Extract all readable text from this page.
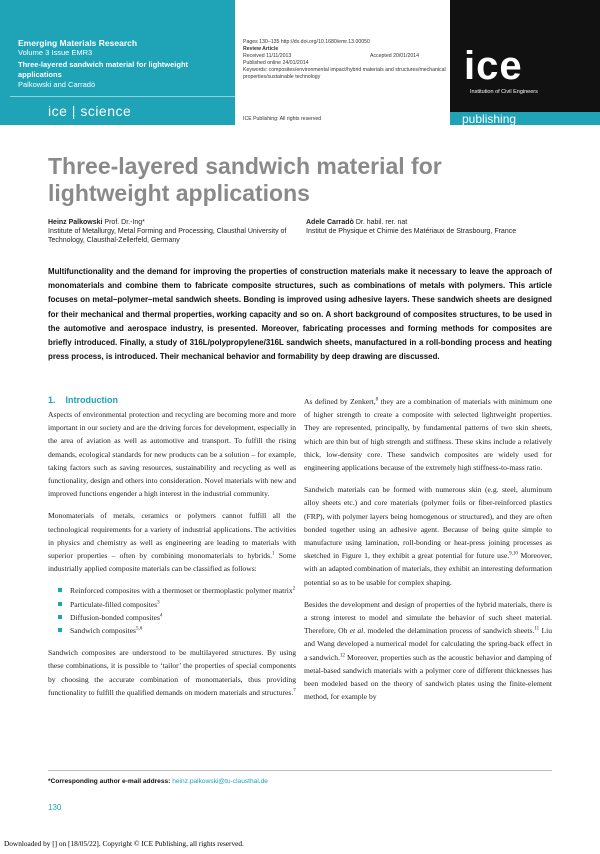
Emerging Materials Research
Volume 3 Issue EMR3
Three-layered sandwich material for lightweight applications
Palkowski and Carradò
ice | science
Pages 130–135 http://dx.doi.org/10.1680/emr.13.00050
Review Article
Received 11/11/2013	Accepted 20/01/2014
Published online 24/01/2014
Keywords: composites/environmental impact/hybrid materials and structures/mechanical properties/sustainable technology
ICE Publishing: All rights reserved
ice
Institution of Civil Engineers
publishing
Three-layered sandwich material for lightweight applications
Heinz Palkowski Prof. Dr.-Ing*
Institute of Metallurgy, Metal Forming and Processing, Clausthal University of Technology, Clausthal-Zellerfeld, Germany
Adele Carradò Dr. habil. rer. nat
Institut de Physique et Chimie des Matériaux de Strasbourg, France
Multifunctionality and the demand for improving the properties of construction materials make it necessary to leave the approach of monomaterials and combine them to fabricate composite structures, such as combinations of metals with polymers. This article focuses on metal–polymer–metal sandwich sheets. Bonding is improved using adhesive layers. These sandwich sheets are designed for their mechanical and thermal properties, working capacity and so on. A short background of composites structures, to be used in the automotive and aerospace industry, is presented. Moreover, fabricating processes and forming methods for composites are briefly introduced. Finally, a study of 316L/polypropylene/316L sandwich sheets, manufactured in a roll-bonding process and heating press process, is introduced. Their mechanical behavior and formability by deep drawing are discussed.
1. Introduction

Aspects of environmental protection and recycling are becoming more and more important in our society and are the driving forces for development, especially in the area of aviation as well as automotive and transport. To fulfill the rising demands, ecological standards for new products can be a solution – for example, taking factors such as saving resources, sustainability and recycling as well as functionality, design and others into consideration. Novel materials with new and improved functions engender a high interest in the industrial community.

Monomaterials of metals, ceramics or polymers cannot fulfill all the technological requirements for a variety of industrial applications. The activities in physics and chemistry as well as engineering are leading to materials with superior properties – often by combining monomaterials to hybrids.$^1$ Some industrially applied composite materials can be classified as follows:

Reinforced composites with a thermoset or thermoplastic polymer matrix$^2$
Particulate-filled composites$^3$
Diffusion-bonded composites$^4$
Sandwich composites$^{5,6}$

Sandwich composites are understood to be multilayered structures. By using these combinations, it is possible to ‘tailor’ the properties of special components by choosing the accurate combination of monomaterials, thus providing functionality to fulfill the qualified demands on modern materials and structures.$^7$

As defined by Zenkert,$^8$ they are a combination of materials with minimum one of higher strength to create a composite with selected lightweight properties. They are represented, principally, by fundamental patterns of two skin sheets, which are thin but of high strength and stiffness. These skins include a relatively thick, low-density core. These sandwich composites are widely used for engineering applications because of the extremely high stiffness-to-mass ratio.

Sandwich materials can be formed with numerous skin (e.g. steel, aluminum alloy sheets etc.) and core materials (polymer foils or fiber-reinforced plastics (FRP), with polymer layers being homogenous or structured), and they are often bonded together using an adhesive agent. Because of being quite simple to manufacture using lamination, roll-bonding or heat-press joining processes as sketched in Figure 1, they exhibit a great potential for future use.$^{9,10}$ Moreover, with an adapted combination of materials, they exhibit an interesting deformation potential so as to be usable for complex shaping.

Besides the development and design of properties of the hybrid materials, there is a strong interest to model and simulate the behavior of such sheet material. Therefore, Oh et al. modeled the delamination process of sandwich sheets.$^{11}$ Liu and Wang developed a numerical model for calculating the spring-back effect in a sandwich.$^{12}$ Moreover, properties such as the acoustic behavior and damping of metal-based sandwich materials with a polymer core of different thicknesses has been modeled based on the theory of sandwich plates using the finite-element method, for example by

*Corresponding author e-mail address: heinz.palkowski@tu-clausthal.de
130
Downloaded by [] on [18/05/22]. Copyright © ICE Publishing, all rights reserved.
